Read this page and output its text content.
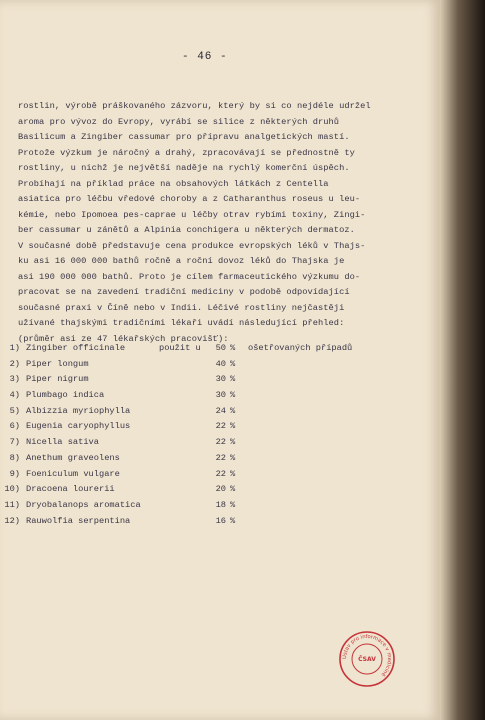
- 46 -
rostlin, výrobě práškovaného zázvoru, který by si co nejdéle udržel
aroma pro vývoz do Evropy, vyrábí se silice z některých druhů
Basilicum a Zingiber cassumar pro přípravu analgetických mastí.
Protože výzkum je náročný a drahý, zpracovávají se přednostně ty
rostliny, u nichž je největší naděje na rychlý komerční úspěch.
Probíhají na příklad práce na obsahových látkách z Centella
asiatica pro léčbu vředové choroby a z Catharanthus roseus u leu-
kémie, nebo Ipomoea pes-caprae u léčby otrav rybími toxiny, Zingi-
ber cassumar u zánětů a Alpinia conchigera u některých dermatoz.
V současné době představuje cena produkce evropských léků v Thajs-
ku asi 16 000 000 bathů ročně a roční dovoz léků do Thajska je
asi 190 000 000 bathů. Proto je cílem farmaceutického výzkumu do-
pracovat se na zavedení tradiční mediciny v podobě odpovídající
současné praxi v Číně nebo v Indii. Léčivé rostliny nejčastěji
užívané thajskými tradičními lékaři uvádí následující přehled:
(průměr asi ze 47 lékařských pracovišť):
1) Zingiber officinale	použit u	50 % ošetřovaných případů
2) Piper longum	40 %
3) Piper nigrum	30 %
4) Plumbago indica	30 %
5) Albizzia myriophylla	24 %
6) Eugenia caryophyllus	22 %
7) Nicella sativa	22 %
8) Anethum graveolens	22 %
9) Foeniculum vulgare	22 %
10) Dracoena lourerii	20 %
11) Dryobalanops aromatica	18 %
12) Rauwolfia serpentina	16 %
Ústav pro informace v medicíně
ČSAV
